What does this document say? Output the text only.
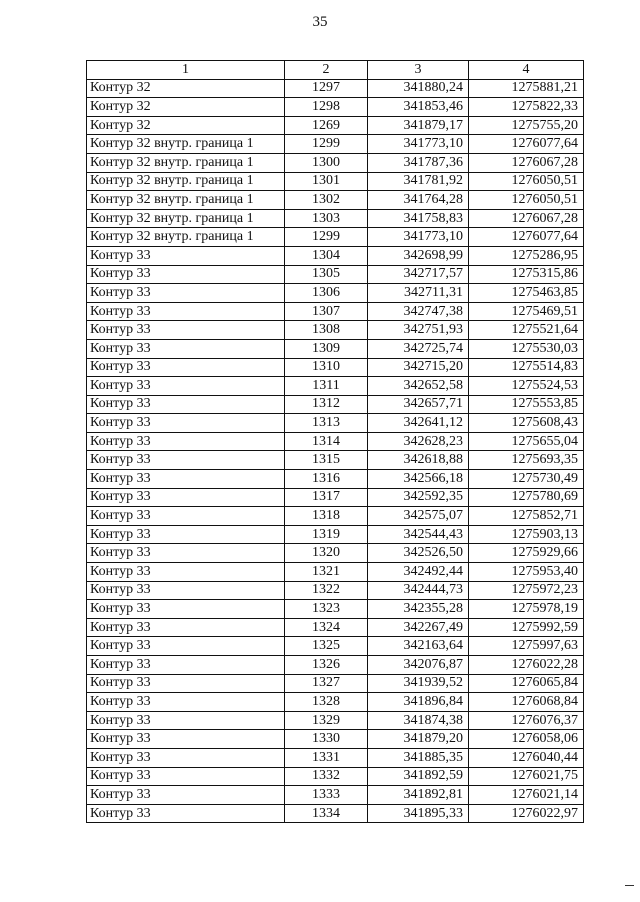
35
1	2	3	4
Контур 32	1297	341880,24	1275881,21
Контур 32	1298	341853,46	1275822,33
Контур 32	1269	341879,17	1275755,20
Контур 32 внутр. граница 1	1299	341773,10	1276077,64
Контур 32 внутр. граница 1	1300	341787,36	1276067,28
Контур 32 внутр. граница 1	1301	341781,92	1276050,51
Контур 32 внутр. граница 1	1302	341764,28	1276050,51
Контур 32 внутр. граница 1	1303	341758,83	1276067,28
Контур 32 внутр. граница 1	1299	341773,10	1276077,64
Контур 33	1304	342698,99	1275286,95
Контур 33	1305	342717,57	1275315,86
Контур 33	1306	342711,31	1275463,85
Контур 33	1307	342747,38	1275469,51
Контур 33	1308	342751,93	1275521,64
Контур 33	1309	342725,74	1275530,03
Контур 33	1310	342715,20	1275514,83
Контур 33	1311	342652,58	1275524,53
Контур 33	1312	342657,71	1275553,85
Контур 33	1313	342641,12	1275608,43
Контур 33	1314	342628,23	1275655,04
Контур 33	1315	342618,88	1275693,35
Контур 33	1316	342566,18	1275730,49
Контур 33	1317	342592,35	1275780,69
Контур 33	1318	342575,07	1275852,71
Контур 33	1319	342544,43	1275903,13
Контур 33	1320	342526,50	1275929,66
Контур 33	1321	342492,44	1275953,40
Контур 33	1322	342444,73	1275972,23
Контур 33	1323	342355,28	1275978,19
Контур 33	1324	342267,49	1275992,59
Контур 33	1325	342163,64	1275997,63
Контур 33	1326	342076,87	1276022,28
Контур 33	1327	341939,52	1276065,84
Контур 33	1328	341896,84	1276068,84
Контур 33	1329	341874,38	1276076,37
Контур 33	1330	341879,20	1276058,06
Контур 33	1331	341885,35	1276040,44
Контур 33	1332	341892,59	1276021,75
Контур 33	1333	341892,81	1276021,14
Контур 33	1334	341895,33	1276022,97
